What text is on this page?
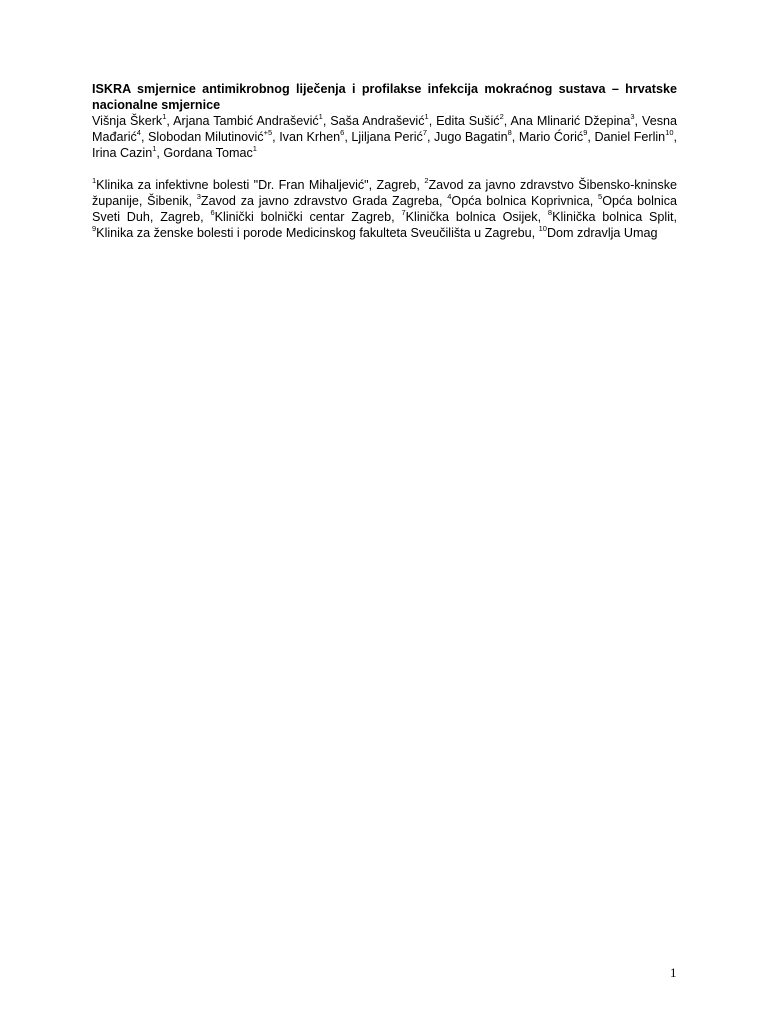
ISKRA smjernice antimikrobnog liječenja i profilakse infekcija mokraćnog sustava – hrvatske nacionalne smjernice

Višnja Škerk$^1$, Arjana Tambić Andrašević$^1$, Saša Andrašević$^1$, Edita Sušić$^2$, Ana Mlinarić Džepina$^3$, Vesna Mađarić$^4$, Slobodan Milutinović$^{+5}$, Ivan Krhen$^6$, Ljiljana Perić$^7$, Jugo Bagatin$^8$, Mario Ćorić$^9$, Daniel Ferlin$^{10}$, Irina Cazin$^1$, Gordana Tomac$^1$

$^1$Klinika za infektivne bolesti "Dr. Fran Mihaljević", Zagreb, $^2$Zavod za javno zdravstvo Šibensko-kninske županije, Šibenik, $^3$Zavod za javno zdravstvo Grada Zagreba, $^4$Opća bolnica Koprivnica, $^5$Opća bolnica Sveti Duh, Zagreb, $^6$Klinički bolnički centar Zagreb, $^7$Klinička bolnica Osijek, $^8$Klinička bolnica Split, $^9$Klinika za ženske bolesti i porode Medicinskog fakulteta Sveučilišta u Zagrebu, $^{10}$Dom zdravlja Umag

1
